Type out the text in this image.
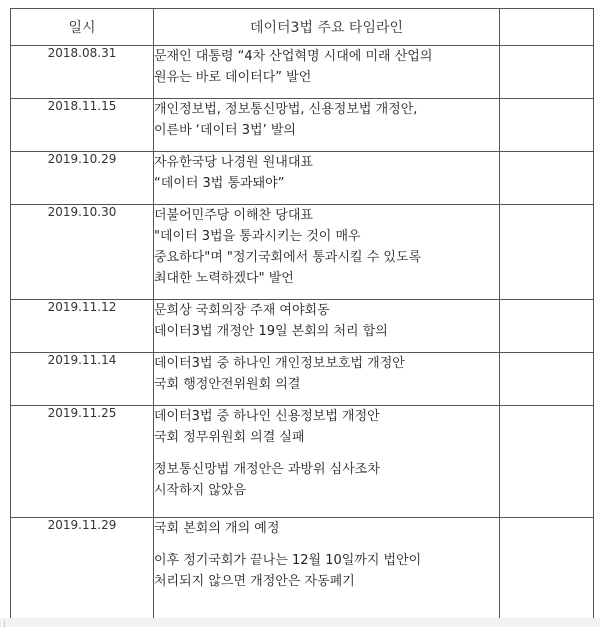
일시	데이터3법 주요 타임라인	
2018.08.31	문재인 대통령 “4차 산업혁명 시대에 미래 산업의
원유는 바로 데이터다” 발언	

2018.11.15	개인정보법, 정보통신망법, 신용정보법 개정안,
이른바 ‘데이터 3법’ 발의	

2019.10.29	자유한국당 나경원 원내대표
“데이터 3법 통과돼야”	

2019.10.30	더불어민주당 이해찬 당대표
"데이터 3법을 통과시키는 것이 매우
중요하다"며 "정기국회에서 통과시킬 수 있도록
최대한 노력하겠다" 발언	

2019.11.12	문희상 국회의장 주재 여야회동
데이터3법 개정안 19일 본회의 처리 합의	

2019.11.14	데이터3법 중 하나인 개인정보보호법 개정안
국회 행정안전위원회 의결	

2019.11.25	데이터3법 중 하나인 신용정보법 개정안
국회 정무위원회 의결 실패
정보통신망법 개정안은 과방위 심사조차
시작하지 않았음	

2019.11.29	국회 본회의 개의 예정
이후 정기국회가 끝나는 12월 10일까지 법안이
처리되지 않으면 개정안은 자동폐기	
